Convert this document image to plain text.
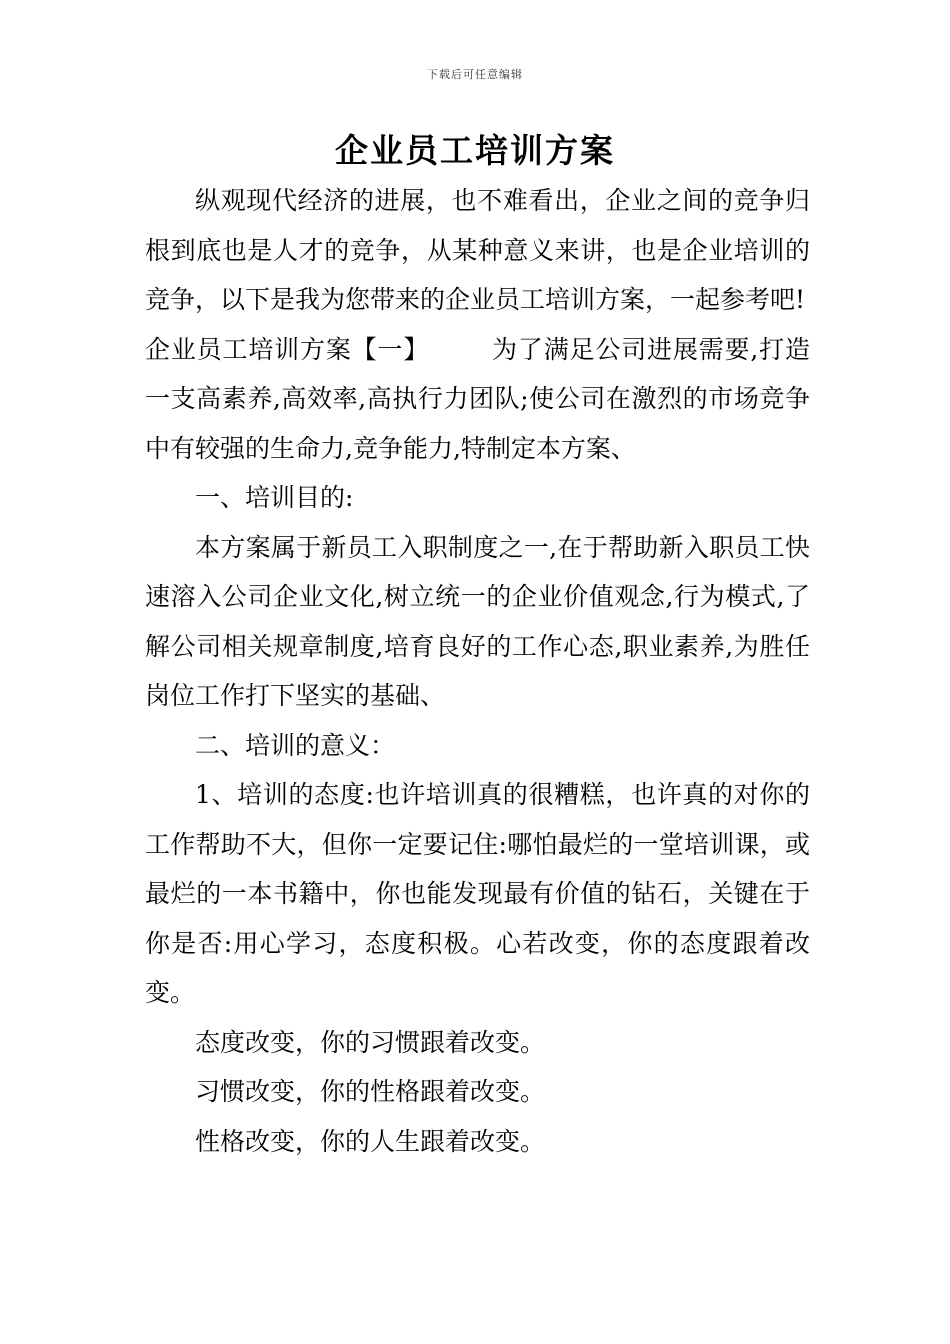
下载后可任意编辑
企业员工培训方案

纵观现代经济的进展，也不难看出，企业之间的竞争归根到底也是人才的竞争，从某种意义来讲，也是企业培训的竞争，以下是我为您带来的企业员工培训方案，一起参考吧!

企业员工培训方案【一】 为了满足公司进展需要,打造一支高素养,高效率,高执行力团队;使公司在激烈的市场竞争中有较强的生命力,竞争能力,特制定本方案、

一、培训目的:

本方案属于新员工入职制度之一,在于帮助新入职员工快速溶入公司企业文化,树立统一的企业价值观念,行为模式,了解公司相关规章制度,培育良好的工作心态,职业素养,为胜任岗位工作打下坚实的基础、

二、培训的意义：

1、培训的态度:也许培训真的很糟糕，也许真的对你的工作帮助不大，但你一定要记住:哪怕最烂的一堂培训课，或最烂的一本书籍中，你也能发现最有价值的钻石，关键在于你是否:用心学习，态度积极。心若改变，你的态度跟着改变。

态度改变，你的习惯跟着改变。

习惯改变，你的性格跟着改变。

性格改变，你的人生跟着改变。
